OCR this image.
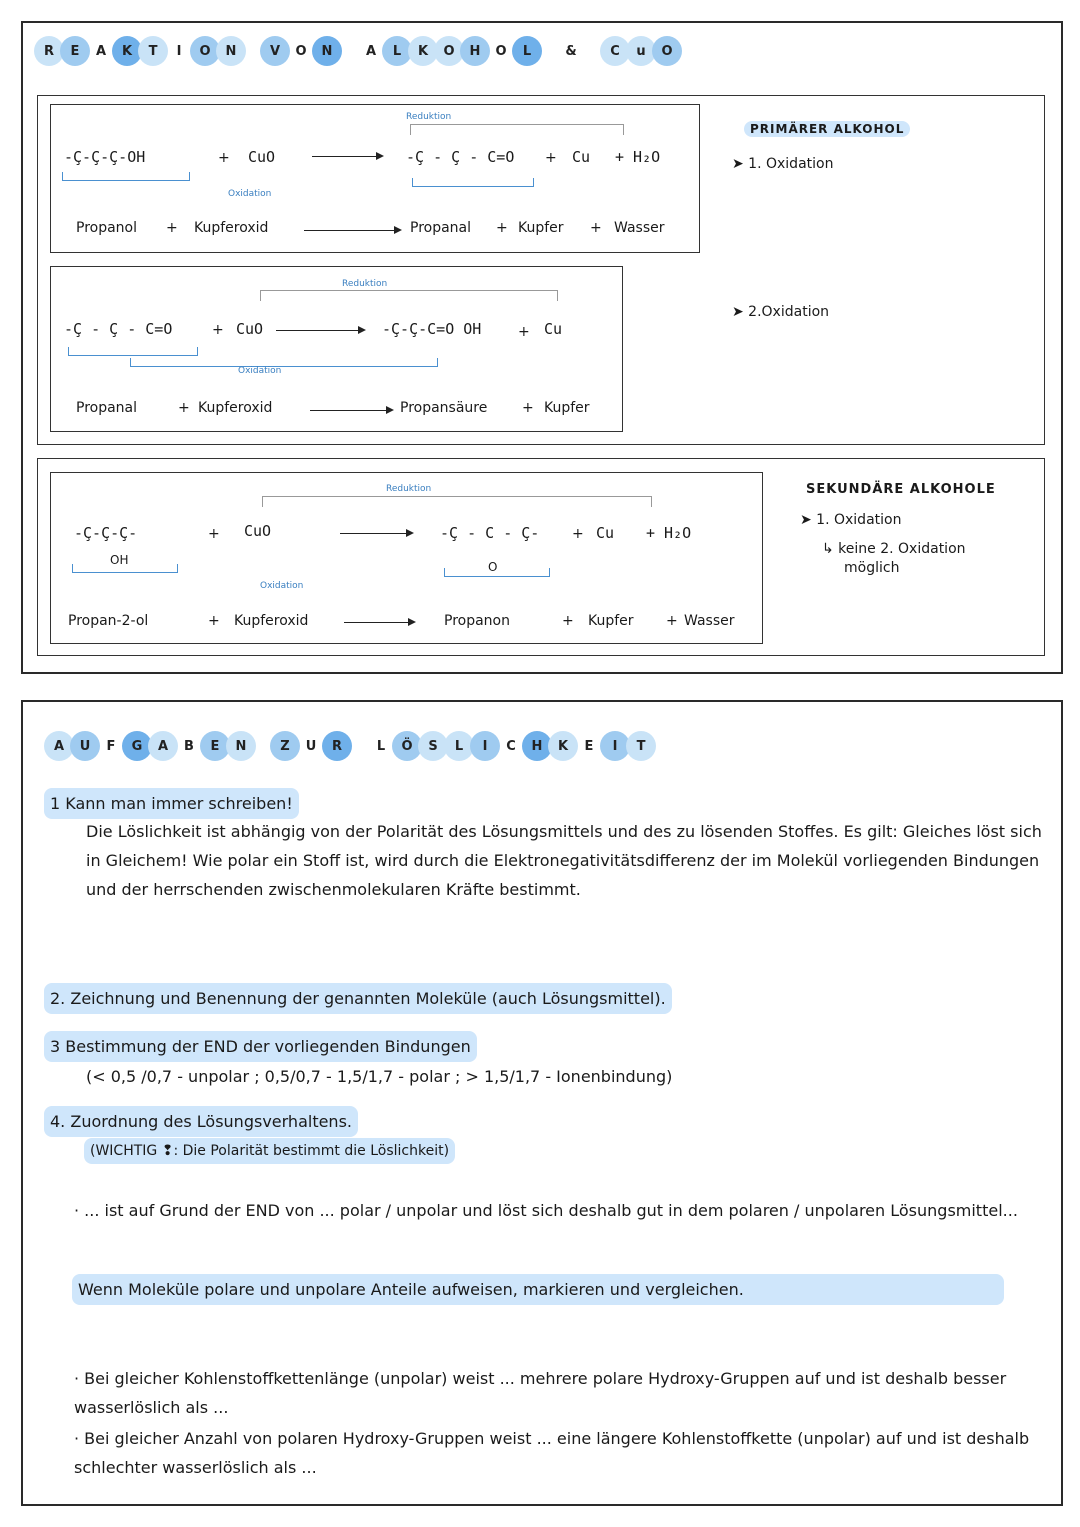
R	E	A	K	T	I	O	N	V	O	N	A	L	K	O	H	O	L	&	C	u	O
Reduktion
-Ç-Ç-Ç-OH	+ CuO	-Ç - Ç - C=O + Cu + H₂O
Oxidation
Propanol + Kupferoxid	Propanal + Kupfer + Wasser
Reduktion
-Ç - Ç - C=O	+ CuO	-Ç-Ç-C=O OH	+ Cu
Oxidation
Propanal	+ Kupferoxid	Propansäure + Kupfer
PRIMÄRER ALKOHOL
➤ 1. Oxidation
➤ 2.Oxidation
Reduktion
-Ç-Ç-Ç-
OH
+ CuO	-Ç - C - Ç-
O
+ Cu + H₂O
Oxidation
Propan-2-ol	+ Kupferoxid	Propanon	+ Kupfer + Wasser
SEKUNDÄRE ALKOHOLE
➤ 1. Oxidation
↳ keine 2. Oxidation
möglich
A	U	F	G	A	B	E	N	Z	U	R	L	Ö	S	L	I	C	H	K	E	I	T
1 Kann man immer schreiben!
Die Löslichkeit ist abhängig von der Polarität des Lösungsmittels und des zu lösenden Stoffes. Es gilt: Gleiches löst sich in Gleichem! Wie polar ein Stoff ist, wird durch die Elektronegativitätsdifferenz der im Molekül vorliegenden Bindungen und der herrschenden zwischenmolekularen Kräfte bestimmt.
2. Zeichnung und Benennung der genannten Moleküle (auch Lösungsmittel).
3 Bestimmung der END der vorliegenden Bindungen
(< 0,5 /0,7 - unpolar ; 0,5/0,7 - 1,5/1,7 - polar ; > 1,5/1,7 - Ionenbindung)
4. Zuordnung des Lösungsverhaltens.
(WICHTIG ❢: Die Polarität bestimmt die Löslichkeit)
· ... ist auf Grund der END von ... polar / unpolar und löst sich deshalb gut in dem polaren / unpolaren Lösungsmittel...
Wenn Moleküle polare und unpolare Anteile aufweisen, markieren und vergleichen.
· Bei gleicher Kohlenstoffkettenlänge (unpolar) weist ... mehrere polare Hydroxy-Gruppen auf und ist deshalb besser wasserlöslich als ...
· Bei gleicher Anzahl von polaren Hydroxy-Gruppen weist ... eine längere Kohlenstoffkette (unpolar) auf und ist deshalb schlechter wasserlöslich als ...
